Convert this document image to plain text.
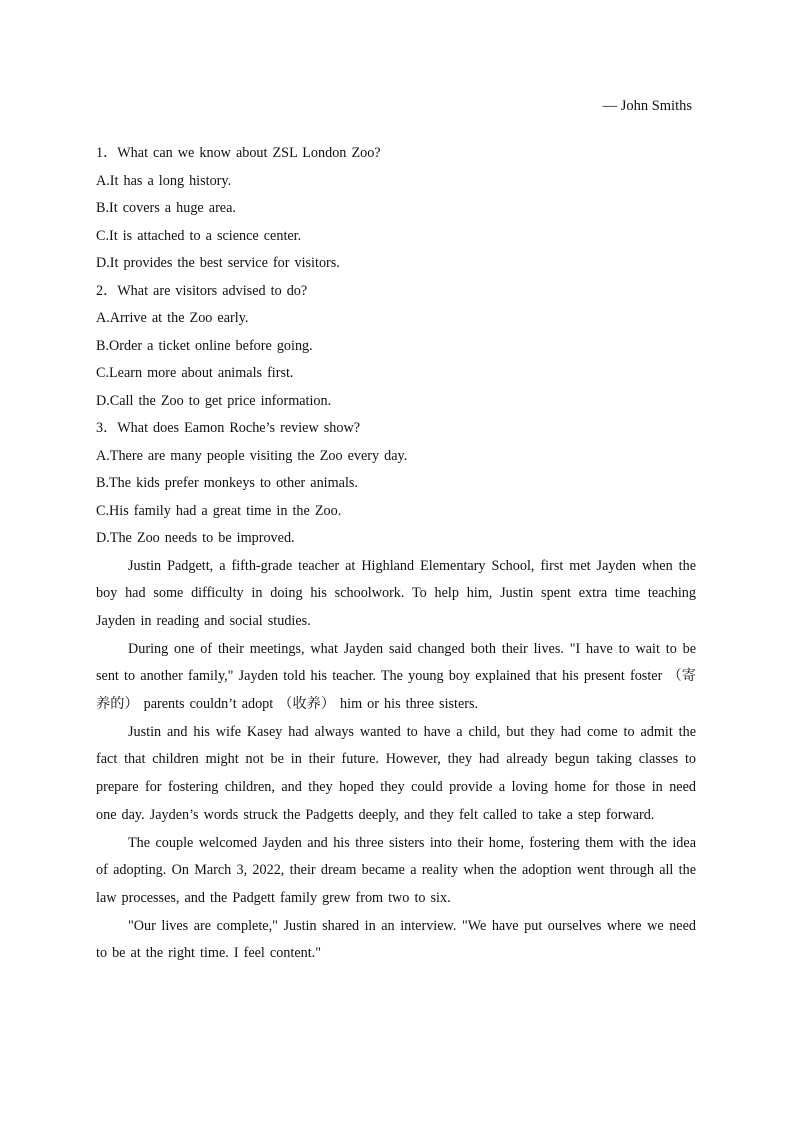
— John Smiths
1．What can we know about ZSL London Zoo?
A.It has a long history.
B.It covers a huge area.
C.It is attached to a science center.
D.It provides the best service for visitors.
2．What are visitors advised to do?
A.Arrive at the Zoo early.
B.Order a ticket online before going.
C.Learn more about animals first.
D.Call the Zoo to get price information.
3．What does Eamon Roche’s review show?
A.There are many people visiting the Zoo every day.
B.The kids prefer monkeys to other animals.
C.His family had a great time in the Zoo.
D.The Zoo needs to be improved.

Justin Padgett, a fifth-grade teacher at Highland Elementary School, first met Jayden when the boy had some difficulty in doing his schoolwork. To help him, Justin spent extra time teaching Jayden in reading and social studies.

During one of their meetings, what Jayden said changed both their lives. "I have to wait to be sent to another family," Jayden told his teacher. The young boy explained that his present foster （寄养的） parents couldn’t adopt （收养） him or his three sisters.

Justin and his wife Kasey had always wanted to have a child, but they had come to admit the fact that children might not be in their future. However, they had already begun taking classes to prepare for fostering children, and they hoped they could provide a loving home for those in need one day. Jayden’s words struck the Padgetts deeply, and they felt called to take a step forward.

The couple welcomed Jayden and his three sisters into their home, fostering them with the idea of adopting. On March 3, 2022, their dream became a reality when the adoption went through all the law processes, and the Padgett family grew from two to six.

"Our lives are complete," Justin shared in an interview. "We have put ourselves where we need to be at the right time. I feel content."
